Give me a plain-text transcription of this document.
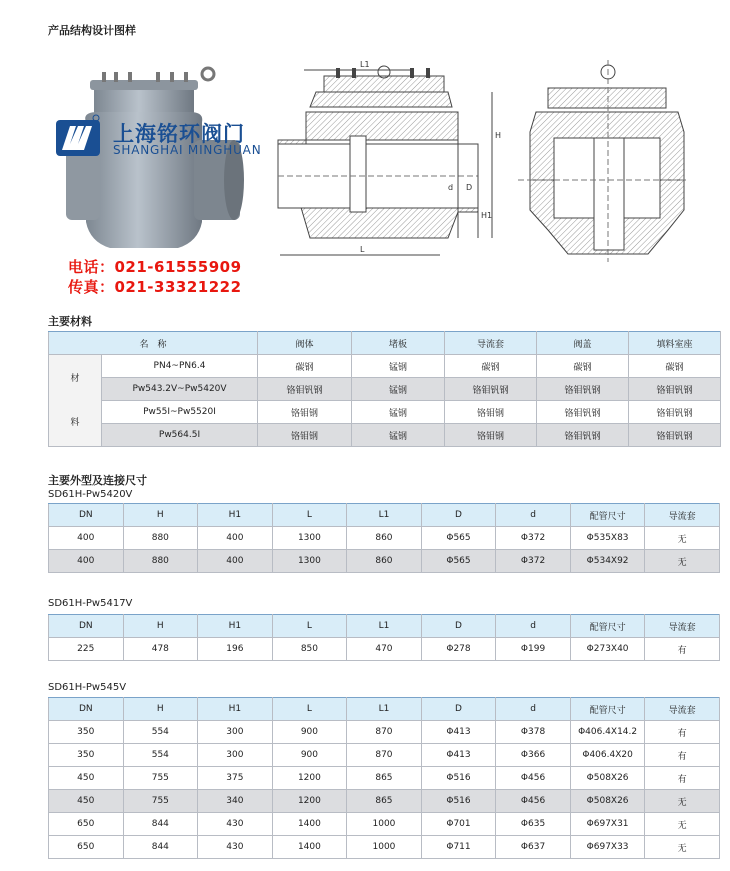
产品结构设计图样
L1
H
D
d
H1
L
上海铭环阀门
SHANGHAI MINGHUAN
电话：021-61555909
传真：021-33321222
主要材料
名　称		阀体	堵板	导流套	阀盖	填料室座
材

料	PN4~PN6.4	碳钢	锰钢	碳钢	碳钢	碳钢
	Pw543.2V~Pw5420V	铬钼钒钢	锰钢	铬钼钒钢	铬钼钒钢	铬钼钒钢
	Pw55I~Pw5520I	铬钼钢	锰钢	铬钼钢	铬钼钒钢	铬钼钒钢
	Pw564.5I	铬钼钢	锰钢	铬钼钢	铬钼钒钢	铬钼钒钢
主要外型及连接尺寸
SD61H-Pw5420V
DN	H	H1	L	L1	D	d	配管尺寸	导流套
400	880	400	1300	860	Φ565	Φ372	Φ535X83	无
400	880	400	1300	860	Φ565	Φ372	Φ534X92	无
SD61H-Pw5417V
DN	H	H1	L	L1	D	d	配管尺寸	导流套
225	478	196	850	470	Φ278	Φ199	Φ273X40	有
SD61H-Pw545V
DN	H	H1	L	L1	D	d	配管尺寸	导流套
350	554	300	900	870	Φ413	Φ378	Φ406.4X14.2	有
350	554	300	900	870	Φ413	Φ366	Φ406.4X20	有
450	755	375	1200	865	Φ516	Φ456	Φ508X26	有
450	755	340	1200	865	Φ516	Φ456	Φ508X26	无
650	844	430	1400	1000	Φ701	Φ635	Φ697X31	无
650	844	430	1400	1000	Φ711	Φ637	Φ697X33	无
